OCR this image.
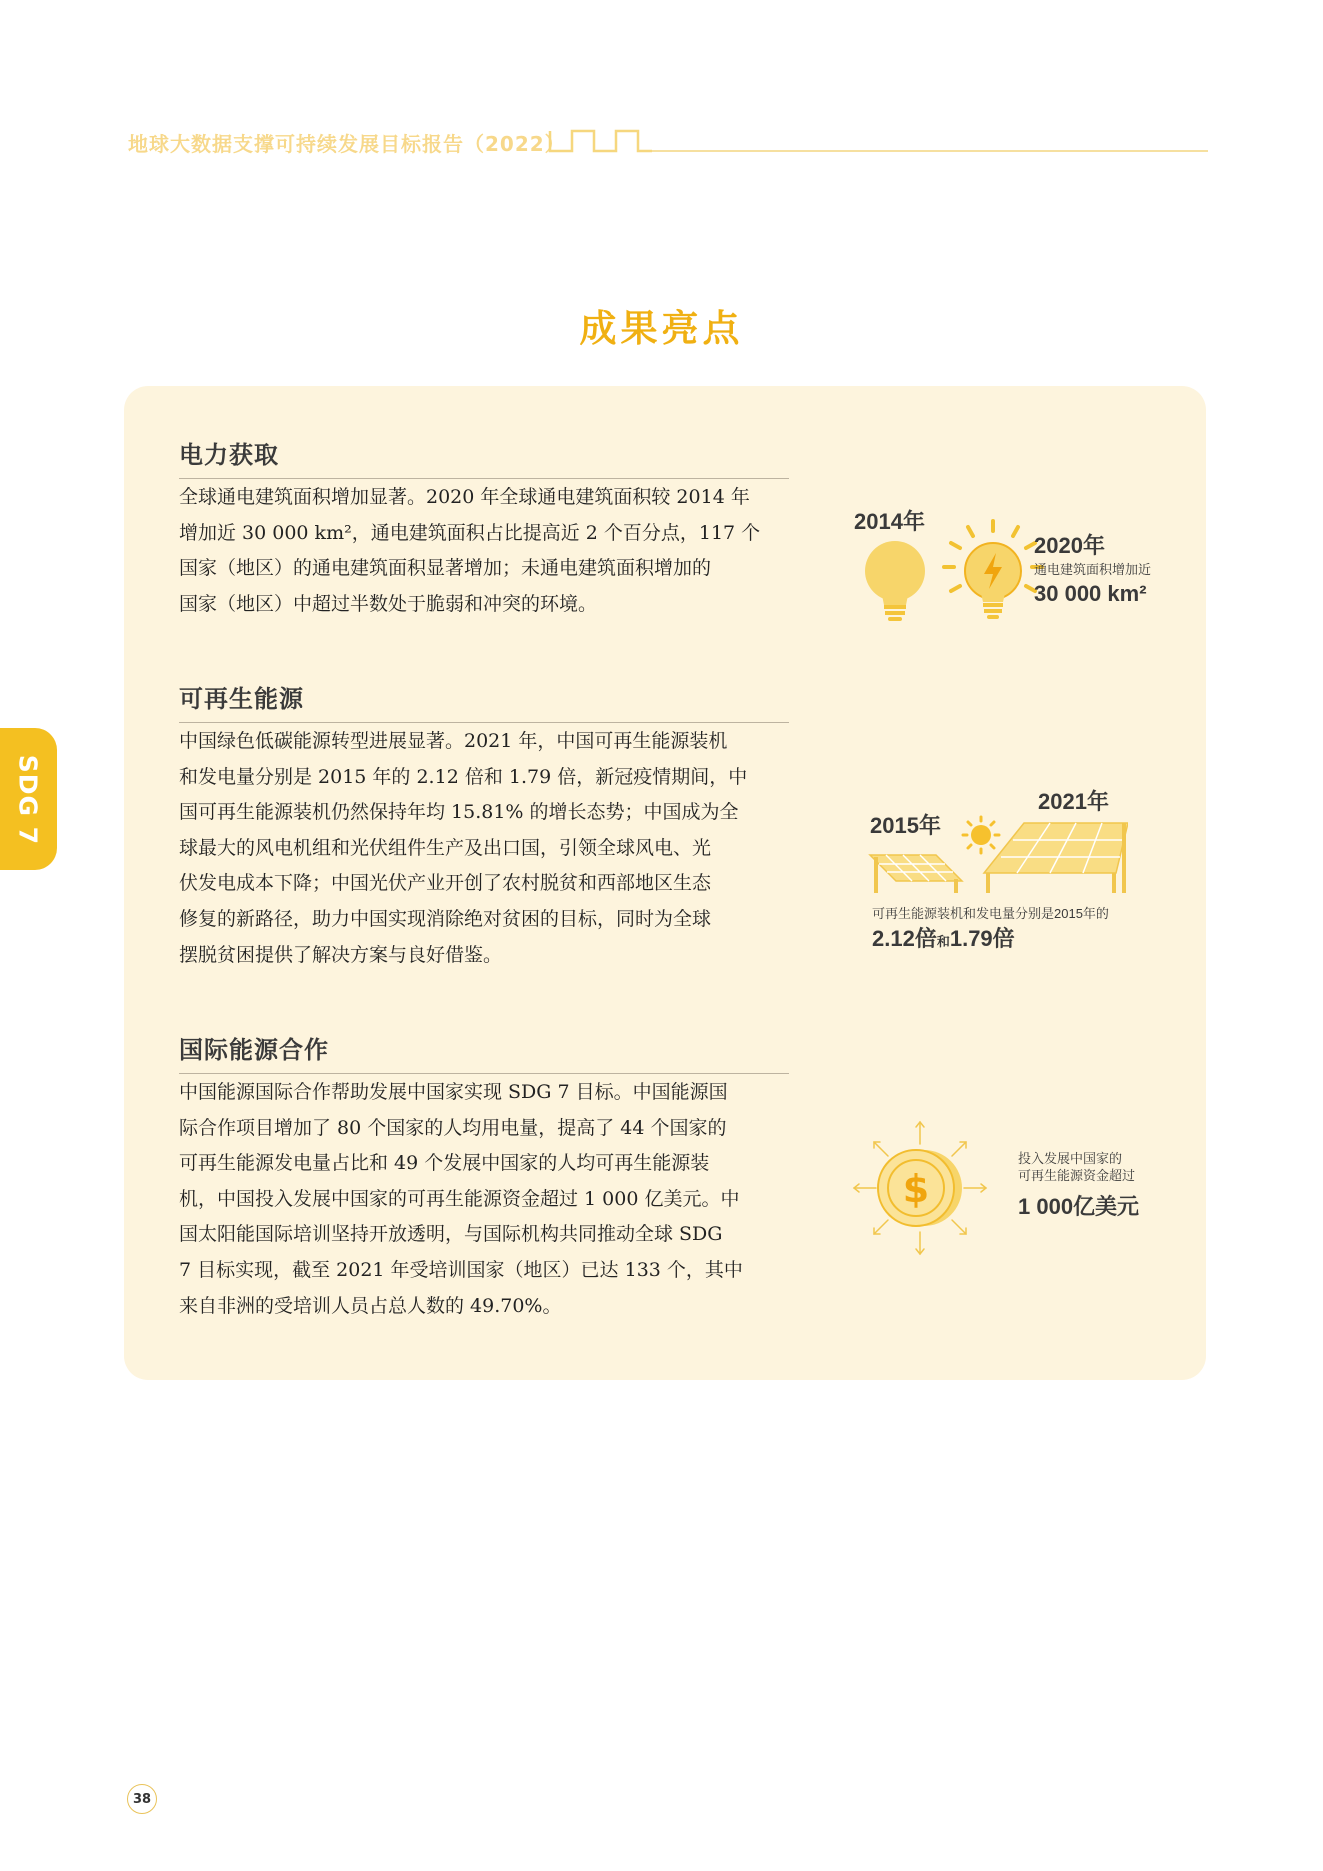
地球大数据支撑可持续发展目标报告（2022）
SDG 7
成果亮点
电力获取

全球通电建筑面积增加显著。2020 年全球通电建筑面积较 2014 年

增加近 30 000 km²，通电建筑面积占比提高近 2 个百分点，117 个

国家（地区）的通电建筑面积显著增加；未通电建筑面积增加的

国家（地区）中超过半数处于脆弱和冲突的环境。

2014年
2020年
通电建筑面积增加近
30 000 km²
可再生能源

中国绿色低碳能源转型进展显著。2021 年，中国可再生能源装机

和发电量分别是 2015 年的 2.12 倍和 1.79 倍，新冠疫情期间，中

国可再生能源装机仍然保持年均 15.81% 的增长态势；中国成为全

球最大的风电机组和光伏组件生产及出口国，引领全球风电、光

伏发电成本下降；中国光伏产业开创了农村脱贫和西部地区生态

修复的新路径，助力中国实现消除绝对贫困的目标，同时为全球

摆脱贫困提供了解决方案与良好借鉴。

2021年
2015年
可再生能源装机和发电量分别是2015年的
2.12倍和1.79倍
国际能源合作

中国能源国际合作帮助发展中国家实现 SDG 7 目标。中国能源国

际合作项目增加了 80 个国家的人均用电量，提高了 44 个国家的

可再生能源发电量占比和 49 个发展中国家的人均可再生能源装

机，中国投入发展中国家的可再生能源资金超过 1 000 亿美元。中

国太阳能国际培训坚持开放透明，与国际机构共同推动全球 SDG

7 目标实现，截至 2021 年受培训国家（地区）已达 133 个，其中

来自非洲的受培训人员占总人数的 49.70%。

$
投入发展中国家的
可再生能源资金超过
1 000亿美元
38
